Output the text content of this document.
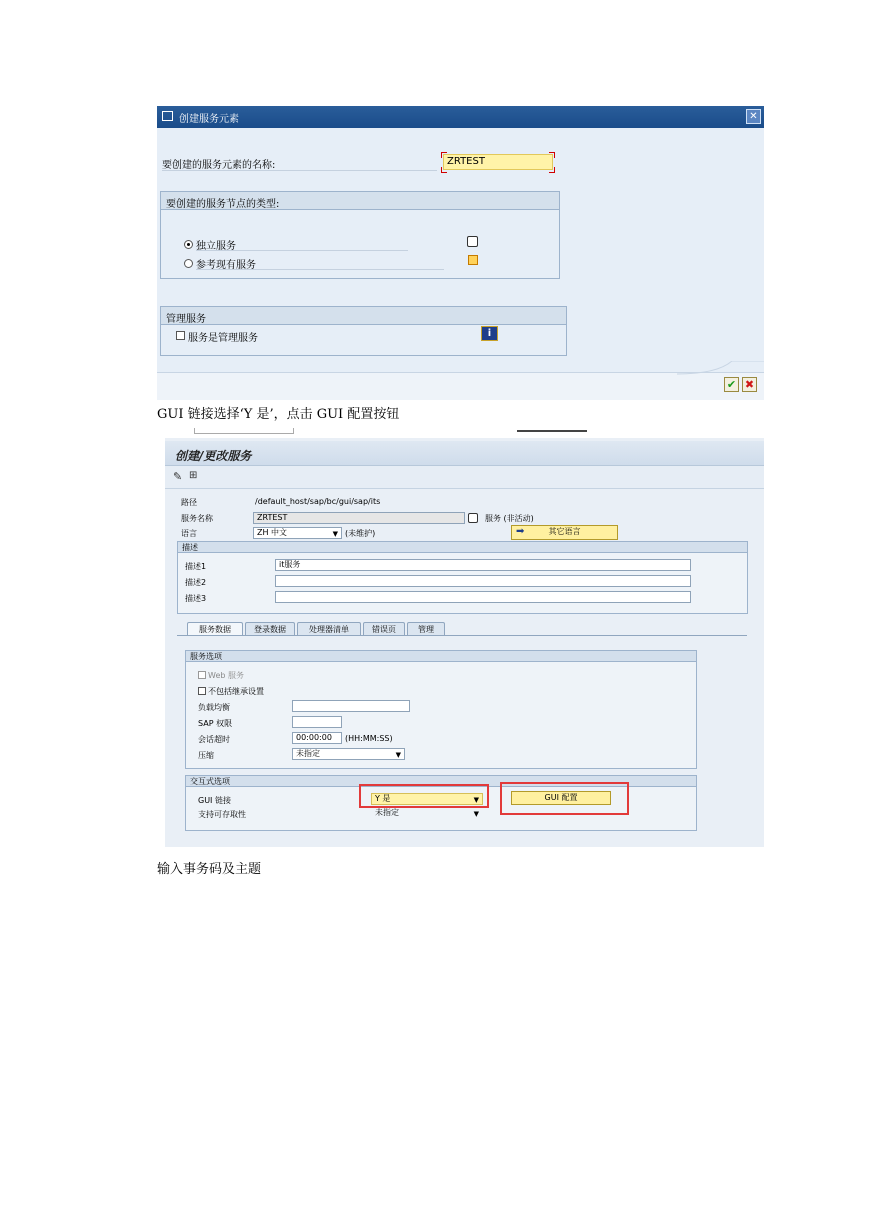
创建服务元素	✕
要创建的服务元素的名称:	ZRTEST
要创建的服务节点的类型:
独立服务
参考现有服务
管理服务
服务是管理服务	i
✔ ✖
GUI 链接选择‘Y 是’，点击 GUI 配置按钮
创建/更改服务
✎ ⊞
路径	/default_host/sap/bc/gui/sap/its
服务名称	ZRTEST	服务 (非活动)
语言	ZH 中文	▼ (未维护)	➡	其它语言
描述
描述1	it服务
描述2
描述3
服务数据	登录数据	处理器清单	错误页	管理
服务选项
Web 服务
不包括继承设置
负载均衡
SAP 权限
会话超时	00:00:00	(HH:MM:SS)
压缩	未指定	▼
交互式选项
GUI 链接	Y 是	▼	GUI 配置
支持可存取性	未指定	▼
输入事务码及主题
